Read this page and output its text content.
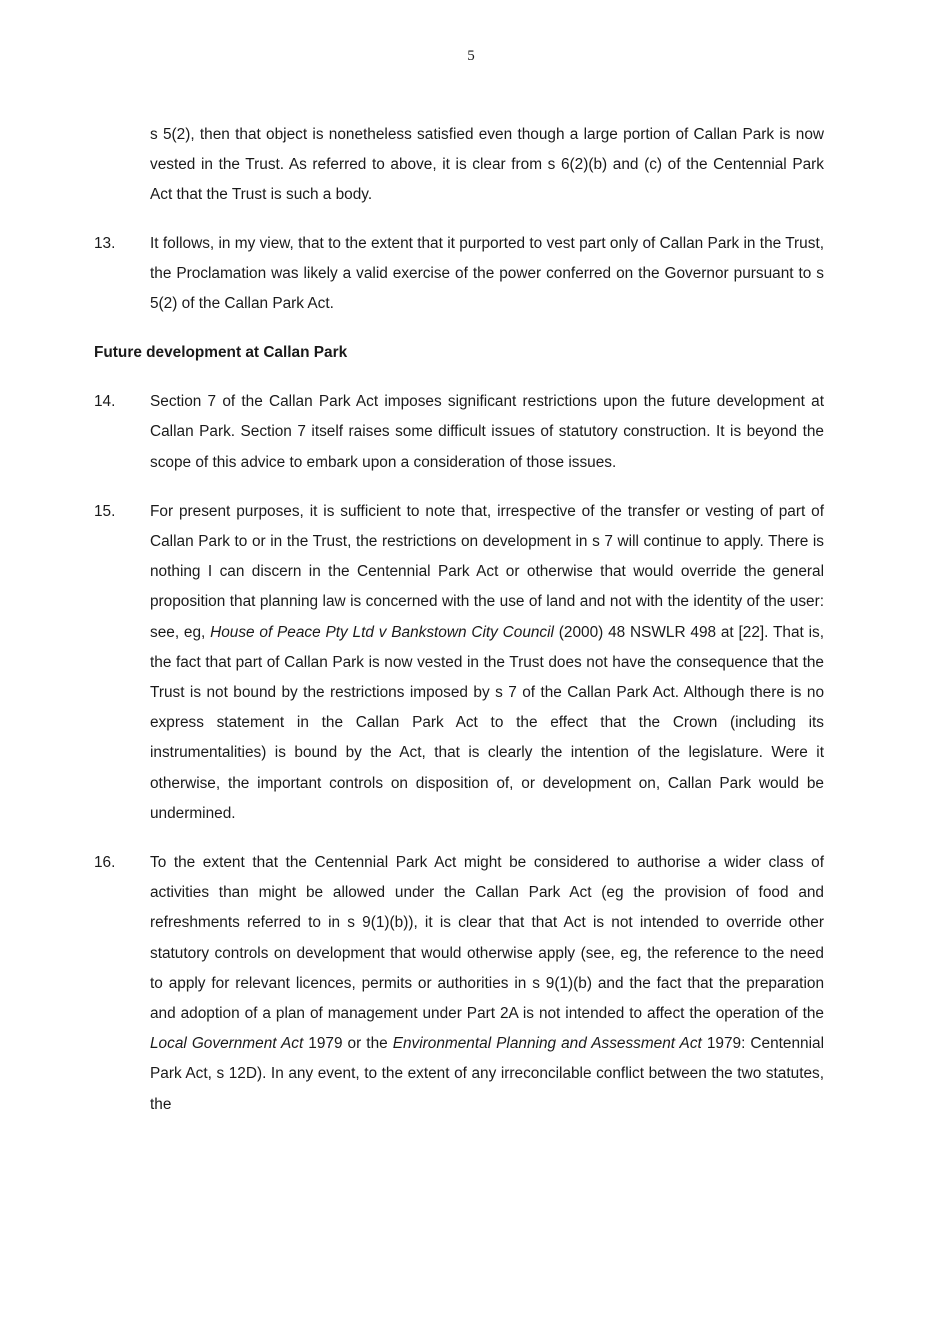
5

s 5(2), then that object is nonetheless satisfied even though a large portion of Callan Park is now vested in the Trust. As referred to above, it is clear from s 6(2)(b) and (c) of the Centennial Park Act that the Trust is such a body.

13. It follows, in my view, that to the extent that it purported to vest part only of Callan Park in the Trust, the Proclamation was likely a valid exercise of the power conferred on the Governor pursuant to s 5(2) of the Callan Park Act.

Future development at Callan Park

14. Section 7 of the Callan Park Act imposes significant restrictions upon the future development at Callan Park. Section 7 itself raises some difficult issues of statutory construction. It is beyond the scope of this advice to embark upon a consideration of those issues.

15. For present purposes, it is sufficient to note that, irrespective of the transfer or vesting of part of Callan Park to or in the Trust, the restrictions on development in s 7 will continue to apply. There is nothing I can discern in the Centennial Park Act or otherwise that would override the general proposition that planning law is concerned with the use of land and not with the identity of the user: see, eg, House of Peace Pty Ltd v Bankstown City Council (2000) 48 NSWLR 498 at [22]. That is, the fact that part of Callan Park is now vested in the Trust does not have the consequence that the Trust is not bound by the restrictions imposed by s 7 of the Callan Park Act. Although there is no express statement in the Callan Park Act to the effect that the Crown (including its instrumentalities) is bound by the Act, that is clearly the intention of the legislature. Were it otherwise, the important controls on disposition of, or development on, Callan Park would be undermined.

16. To the extent that the Centennial Park Act might be considered to authorise a wider class of activities than might be allowed under the Callan Park Act (eg the provision of food and refreshments referred to in s 9(1)(b)), it is clear that that Act is not intended to override other statutory controls on development that would otherwise apply (see, eg, the reference to the need to apply for relevant licences, permits or authorities in s 9(1)(b) and the fact that the preparation and adoption of a plan of management under Part 2A is not intended to affect the operation of the Local Government Act 1979 or the Environmental Planning and Assessment Act 1979: Centennial Park Act, s 12D). In any event, to the extent of any irreconcilable conflict between the two statutes, the
